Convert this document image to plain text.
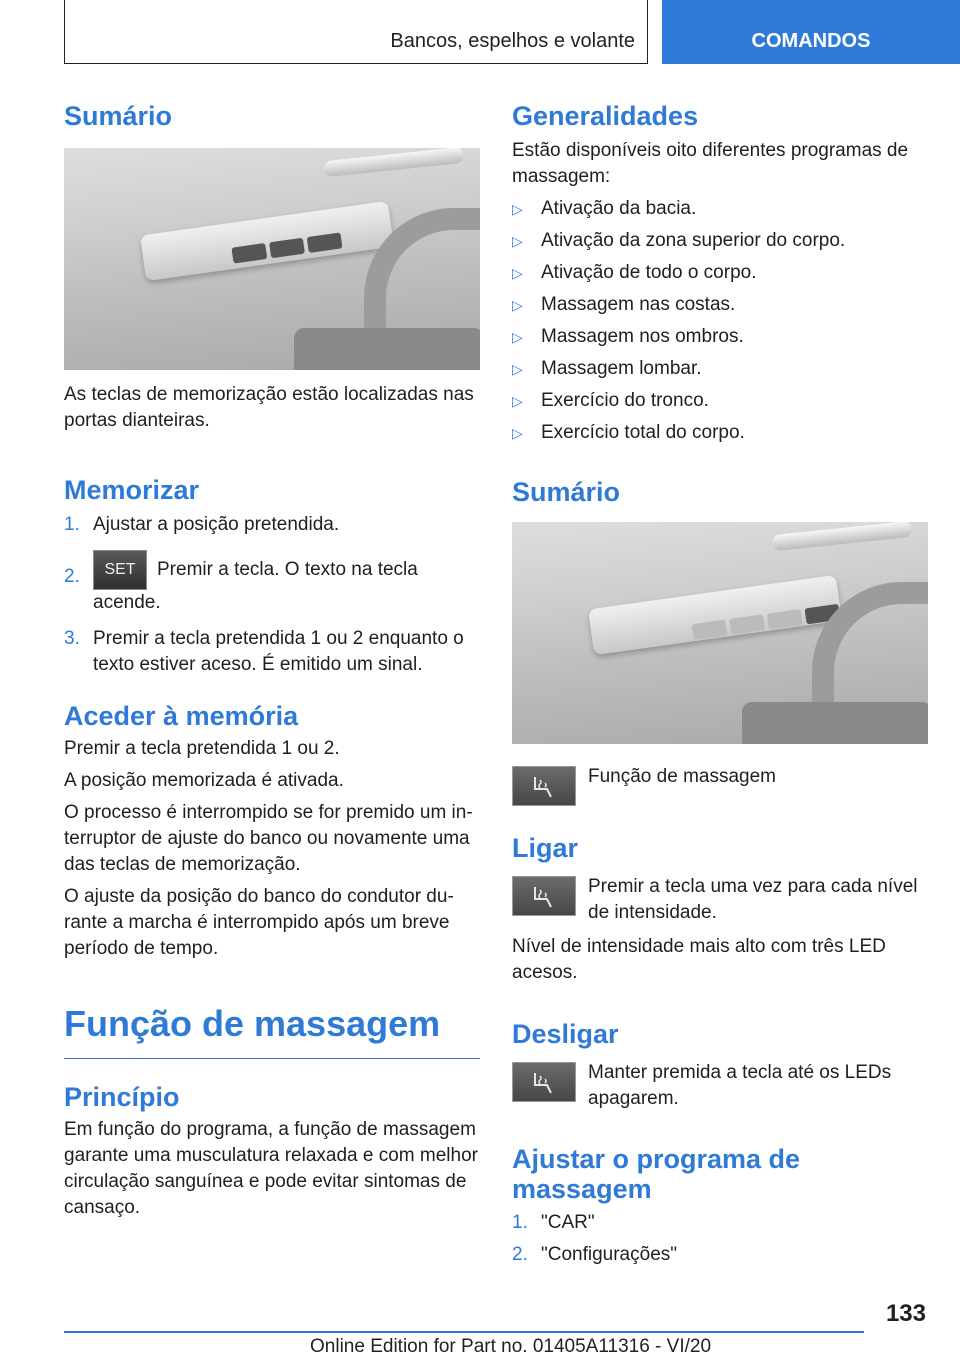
Bancos, espelhos e volante	COMANDOS
Sumário

As teclas de memorização estão localizadas nas portas dianteiras.

Memorizar
1. Ajustar a posição pretendida.
2. SET Premir a tecla. O texto na tecla acende.
3. Premir a tecla pretendida 1 ou 2 enquanto o texto estiver aceso. É emitido um sinal.
Aceder à memória

Premir a tecla pretendida 1 ou 2.

A posição memorizada é ativada.

O processo é interrompido se for premido um in-terruptor de ajuste do banco ou novamente uma das teclas de memorização.

O ajuste da posição do banco do condutor du-rante a marcha é interrompido após um breve período de tempo.

Função de massagem
Princípio

Em função do programa, a função de massagem garante uma musculatura relaxada e com melhor circulação sanguínea e pode evitar sintomas de cansaço.

Generalidades

Estão disponíveis oito diferentes programas de massagem:

▷ Ativação da bacia.
▷ Ativação da zona superior do corpo.
▷ Ativação de todo o corpo.
▷ Massagem nas costas.
▷ Massagem nos ombros.
▷ Massagem lombar.
▷ Exercício do tronco.
▷ Exercício total do corpo.
Sumário

Função de massagem

Ligar

Premir a tecla uma vez para cada nível de intensidade.

Nível de intensidade mais alto com três LED acesos.

Desligar

Manter premida a tecla até os LEDs apagarem.

Ajustar o programa de massagem
1. "CAR"
2. "Configurações"
133
Online Edition for Part no. 01405A11316 - VI/20
